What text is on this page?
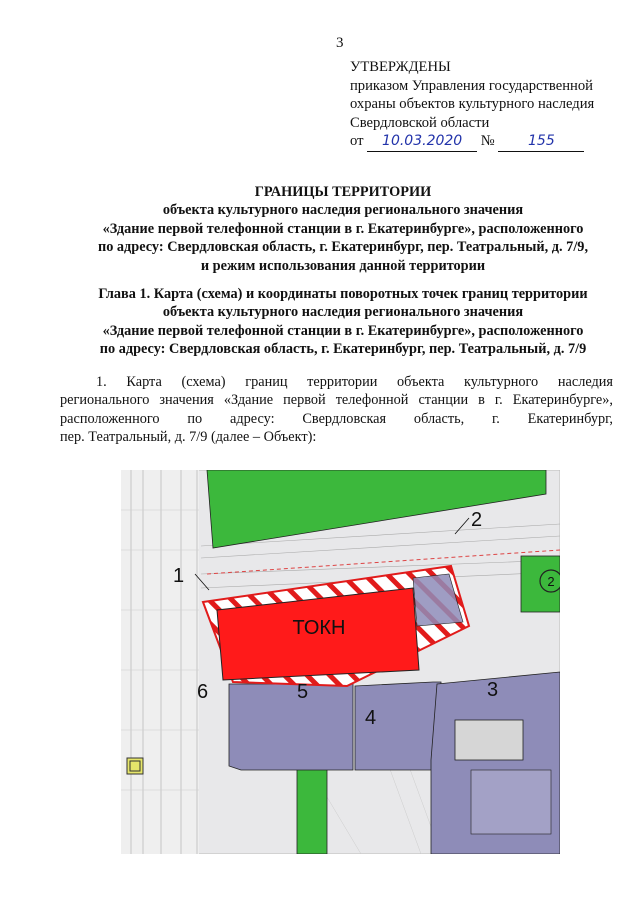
3
УТВЕРЖДЕНЫ
приказом Управления государственной
охраны объектов культурного наследия
Свердловской области
от 10.03.2020 № 155
ГРАНИЦЫ ТЕРРИТОРИИ
объекта культурного наследия регионального значения
«Здание первой телефонной станции в г. Екатеринбурге», расположенного
по адресу: Свердловская область, г. Екатеринбург, пер. Театральный, д. 7/9,
и режим использования данной территории
Глава 1. Карта (схема) и координаты поворотных точек границ территории
объекта культурного наследия регионального значения
«Здание первой телефонной станции в г. Екатеринбурге», расположенного
по адресу: Свердловская область, г. Екатеринбург, пер. Театральный, д. 7/9
1. Карта (схема) границ территории объекта культурного наследия
регионального значения «Здание первой телефонной станции в г. Екатеринбурге»,
расположенного по адресу: Свердловская область, г. Екатеринбург,
пер. Театральный, д. 7/9 (далее – Объект):
2
ТОКН
1
2
3
4
5
6
